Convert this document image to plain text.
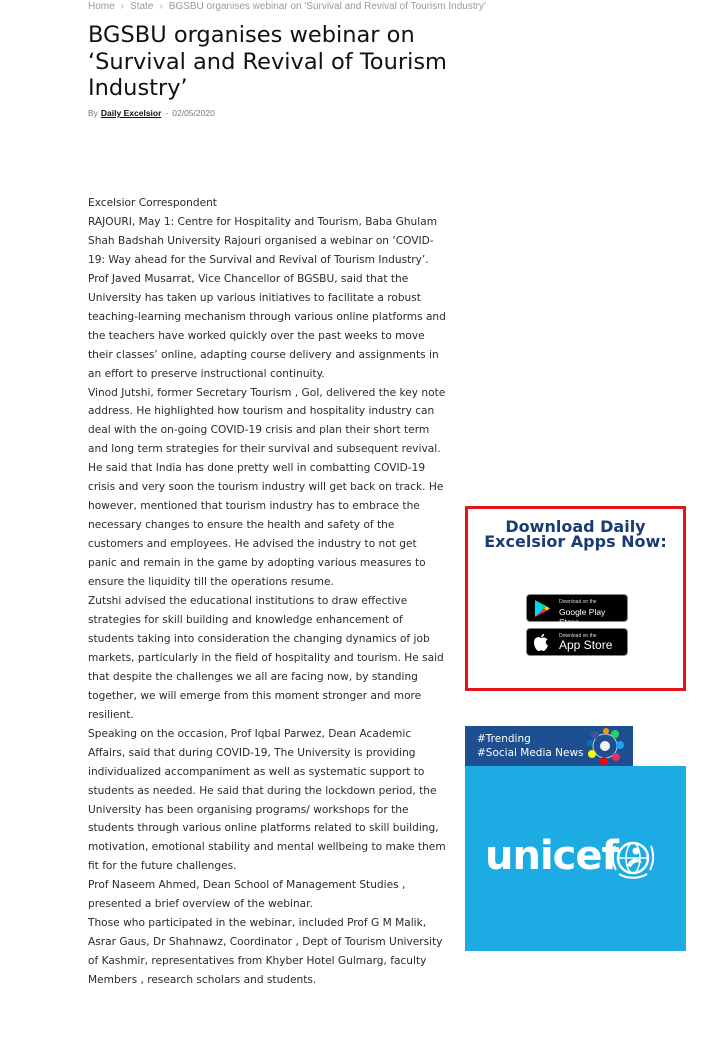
Home › State › BGSBU organises webinar on 'Survival and Revival of Tourism Industry'
BGSBU organises webinar on ‘Survival and Revival of Tourism Industry’
By Daily Excelsior - 02/05/2020

Excelsior Correspondent

RAJOURI, May 1: Centre for Hospitality and Tourism, Baba Ghulam Shah Badshah University Rajouri organised a webinar on ‘COVID-19: Way ahead for the Survival and Revival of Tourism Industry’.

Prof Javed Musarrat, Vice Chancellor of BGSBU, said that the University has taken up various initiatives to facilitate a robust teaching-learning mechanism through various online platforms and the teachers have worked quickly over the past weeks to move their classes’ online, adapting course delivery and assignments in an effort to preserve instructional continuity.

Vinod Jutshi, former Secretary Tourism , GoI, delivered the key note address. He highlighted how tourism and hospitality industry can deal with the on-going COVID-19 crisis and plan their short term and long term strategies for their survival and subsequent revival. He said that India has done pretty well in combatting COVID-19 crisis and very soon the tourism industry will get back on track. He however, mentioned that tourism industry has to embrace the necessary changes to ensure the health and safety of the customers and employees. He advised the industry to not get panic and remain in the game by adopting various measures to ensure the liquidity till the operations resume.

Zutshi advised the educational institutions to draw effective strategies for skill building and knowledge enhancement of students taking into consideration the changing dynamics of job markets, particularly in the field of hospitality and tourism. He said that despite the challenges we all are facing now, by standing together, we will emerge from this moment stronger and more resilient.

Speaking on the occasion, Prof Iqbal Parwez, Dean Academic Affairs, said that during COVID-19, The University is providing individualized accompaniment as well as systematic support to students as needed. He said that during the lockdown period, the University has been organising programs/ workshops for the students through various online platforms related to skill building, motivation, emotional stability and mental wellbeing to make them fit for the future challenges.

Prof Naseem Ahmed, Dean School of Management Studies , presented a brief overview of the webinar.

Those who participated in the webinar, included Prof G M Malik, Asrar Gaus, Dr Shahnawz, Coordinator , Dept of Tourism University of Kashmir, representatives from Khyber Hotel Gulmarg, faculty Members , research scholars and students.

Download Daily
Excelsior Apps Now:
Download on the
Google Play Store
Download on the
App Store
#Trending
#Social Media News
unicef
